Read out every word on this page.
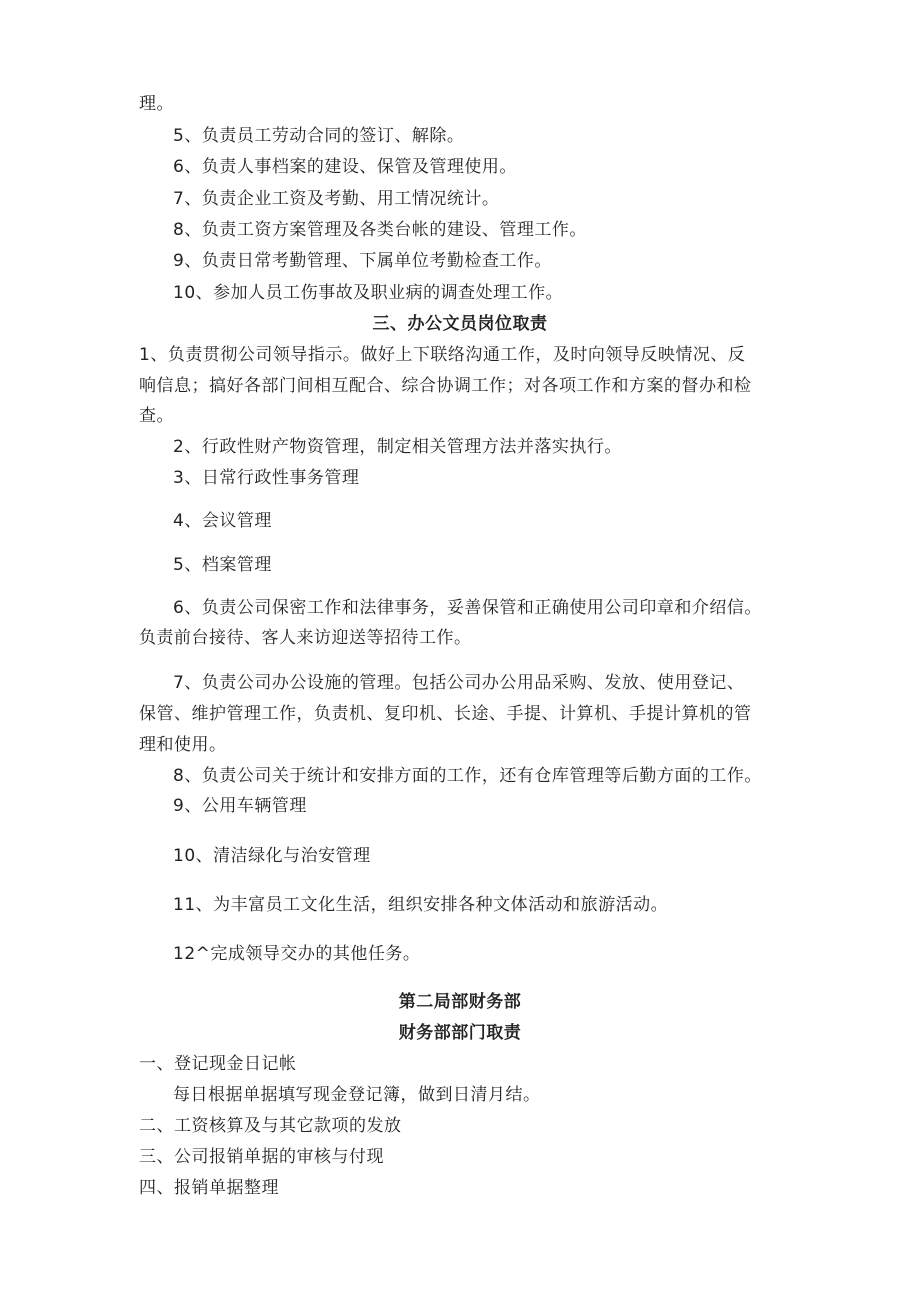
理。
5、负责员工劳动合同的签订、解除。
6、负责人事档案的建设、保管及管理使用。
7、负责企业工资及考勤、用工情况统计。
8、负责工资方案管理及各类台帐的建设、管理工作。
9、负责日常考勤管理、下属单位考勤检查工作。
10、参加人员工伤事故及职业病的调查处理工作。
三、办公文员岗位取责
1、负责贯彻公司领导指示。做好上下联络沟通工作，及时向领导反映情况、反
响信息；搞好各部门间相互配合、综合协调工作；对各项工作和方案的督办和检
查。
2、行政性财产物资管理，制定相关管理方法并落实执行。
3、日常行政性事务管理
4、会议管理
5、档案管理
6、负责公司保密工作和法律事务，妥善保管和正确使用公司印章和介绍信。
负责前台接待、客人来访迎送等招待工作。
7、负责公司办公设施的管理。包括公司办公用品采购、发放、使用登记、
保管、维护管理工作，负责机、复印机、长途、手提、计算机、手提计算机的管
理和使用。
8、负责公司关于统计和安排方面的工作，还有仓库管理等后勤方面的工作。
9、公用车辆管理
10、清洁绿化与治安管理
11、为丰富员工文化生活，组织安排各种文体活动和旅游活动。
12^完成领导交办的其他任务。
第二局部财务部
财务部部门取责
一、登记现金日记帐
每日根据单据填写现金登记簿，做到日清月结。
二、工资核算及与其它款项的发放
三、公司报销单据的审核与付现
四、报销单据整理
